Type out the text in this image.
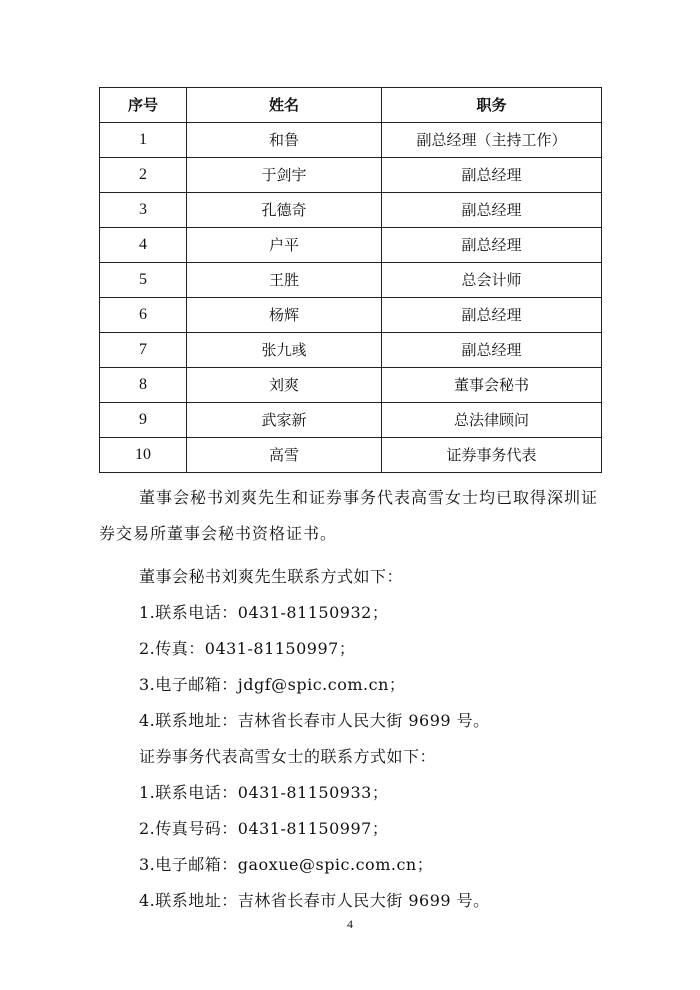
序号	姓名	职务
1	和鲁	副总经理（主持工作）
2	于剑宇	副总经理
3	孔德奇	副总经理
4	户平	副总经理
5	王胜	总会计师
6	杨辉	副总经理
7	张九彧	副总经理
8	刘爽	董事会秘书
9	武家新	总法律顾问
10	高雪	证券事务代表
董事会秘书刘爽先生和证券事务代表高雪女士均已取得深圳证券交易所董事会秘书资格证书。
董事会秘书刘爽先生联系方式如下：
1.联系电话：0431-81150932；
2.传真：0431-81150997；
3.电子邮箱：jdgf@spic.com.cn；
4.联系地址：吉林省长春市人民大街 9699 号。
证券事务代表高雪女士的联系方式如下：
1.联系电话：0431-81150933；
2.传真号码：0431-81150997；
3.电子邮箱：gaoxue@spic.com.cn；
4.联系地址：吉林省长春市人民大街 9699 号。
4
